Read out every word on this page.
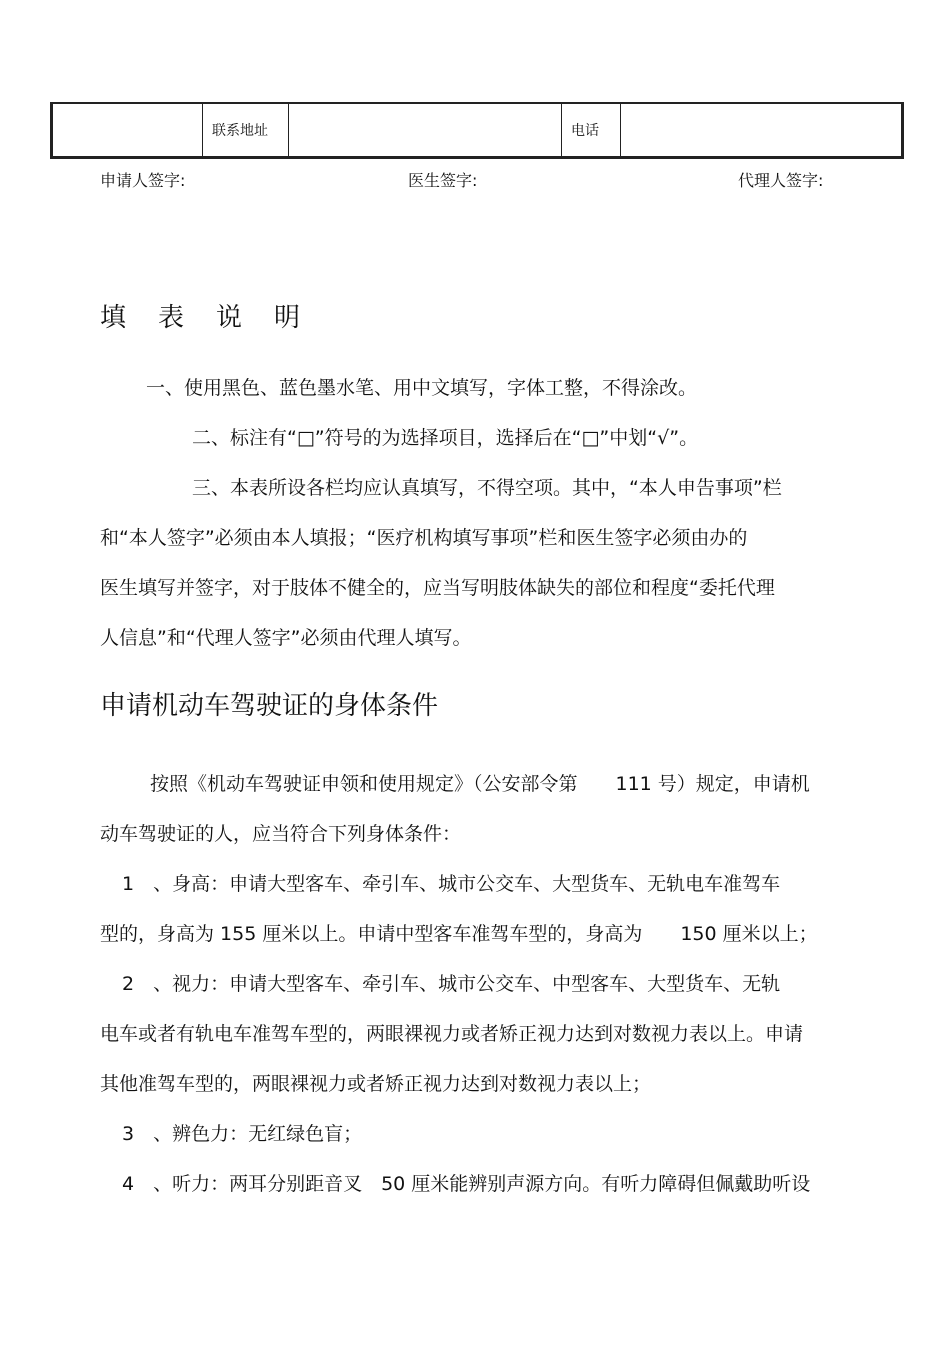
	联系地址		电话	
申请人签字:	医生签字:	代理人签字:
填 表 说 明
一、使用黑色、蓝色墨水笔、用中文填写，字体工整，不得涂改。
二、标注有“□”符号的为选择项目，选择后在“□”中划“√”。
三、本表所设各栏均应认真填写，不得空项。其中，“本人申告事项”栏
和“本人签字”必须由本人填报；“医疗机构填写事项”栏和医生签字必须由办的
医生填写并签字，对于肢体不健全的，应当写明肢体缺失的部位和程度“委托代理
人信息”和“代理人签字”必须由代理人填写。
申请机动车驾驶证的身体条件
按照《机动车驾驶证申领和使用规定》（公安部令第　　111 号）规定，申请机
动车驾驶证的人，应当符合下列身体条件：
1　、身高：申请大型客车、牵引车、城市公交车、大型货车、无轨电车准驾车
型的，身高为 155 厘米以上。申请中型客车准驾车型的，身高为　　150 厘米以上；
2　、视力：申请大型客车、牵引车、城市公交车、中型客车、大型货车、无轨
电车或者有轨电车准驾车型的，两眼裸视力或者矫正视力达到对数视力表以上。申请
其他准驾车型的，两眼裸视力或者矫正视力达到对数视力表以上；
3　、辨色力：无红绿色盲；
4　、听力：两耳分别距音叉　50 厘米能辨别声源方向。有听力障碍但佩戴助听设
